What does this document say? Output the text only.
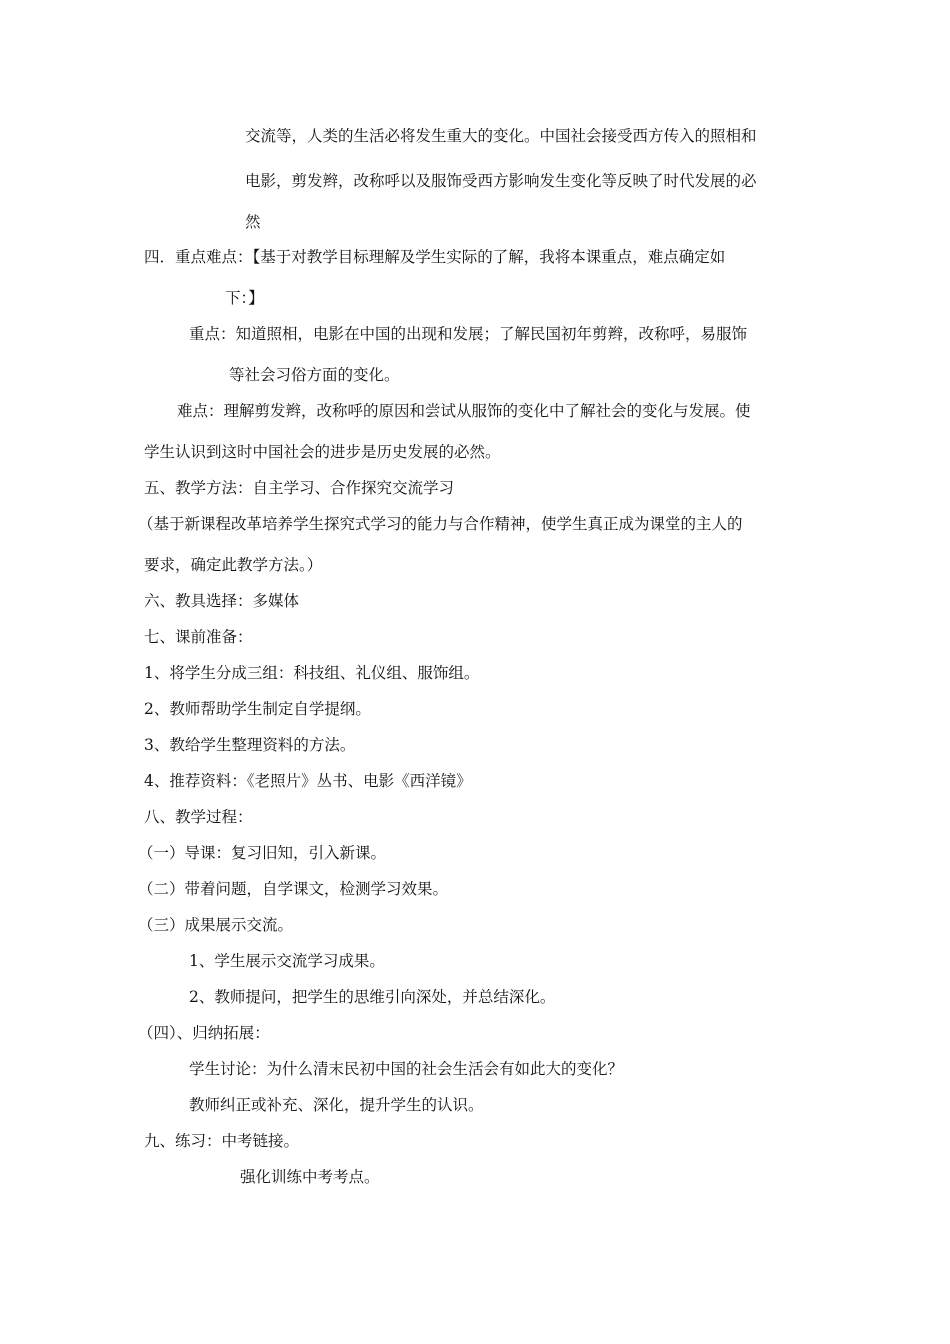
交流等，人类的生活必将发生重大的变化。中国社会接受西方传入的照相和
电影，剪发辫，改称呼以及服饰受西方影响发生变化等反映了时代发展的必
然
四．重点难点：【基于对教学目标理解及学生实际的了解，我将本课重点，难点确定如
下：】
重点：知道照相，电影在中国的出现和发展；了解民国初年剪辫，改称呼，易服饰
等社会习俗方面的变化。
难点：理解剪发辫，改称呼的原因和尝试从服饰的变化中了解社会的变化与发展。使
学生认识到这时中国社会的进步是历史发展的必然。
五、教学方法：自主学习、合作探究交流学习
（基于新课程改革培养学生探究式学习的能力与合作精神，使学生真正成为课堂的主人的
要求，确定此教学方法。）
六、教具选择：多媒体
七、课前准备：
1、将学生分成三组：科技组、礼仪组、服饰组。
2、教师帮助学生制定自学提纲。
3、教给学生整理资料的方法。
4、推荐资料：《老照片》丛书、电影《西洋镜》
八、教学过程：
（一）导课：复习旧知，引入新课。
（二）带着问题，自学课文，检测学习效果。
（三）成果展示交流。
1、学生展示交流学习成果。
2、教师提问，把学生的思维引向深处，并总结深化。
（四）、归纳拓展：
学生讨论：为什么清末民初中国的社会生活会有如此大的变化？
教师纠正或补充、深化，提升学生的认识。
九、练习：中考链接。
强化训练中考考点。
